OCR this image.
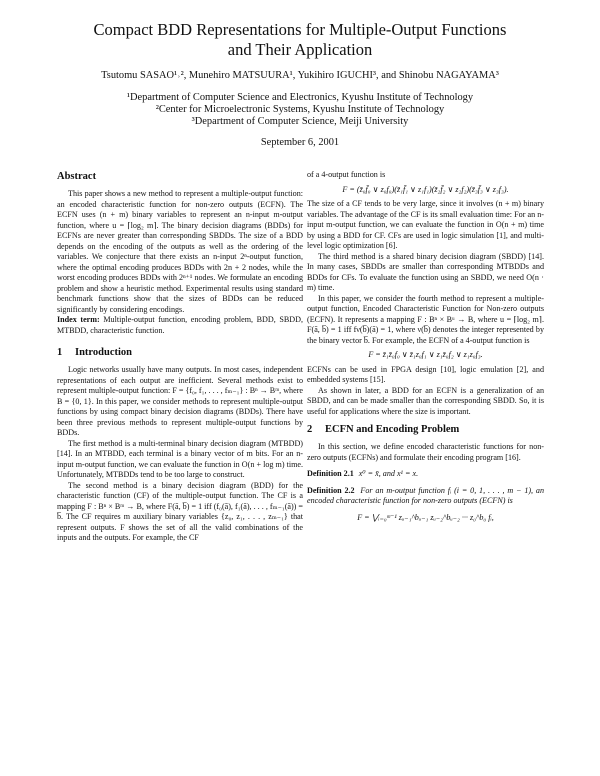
Compact BDD Representations for Multiple-Output Functions
and Their Application
Tsutomu SASAO¹˒², Munehiro MATSUURA¹, Yukihiro IGUCHI³, and Shinobu NAGAYAMA³
¹Department of Computer Science and Electronics, Kyushu Institute of Technology
²Center for Microelectronic Systems, Kyushu Institute of Technology
³Department of Computer Science, Meiji University
September 6, 2001
Abstract

This paper shows a new method to represent a multiple-output function: an encoded characteristic function for non-zero outputs (ECFN). The ECFN uses (n + m) binary variables to represent an n-input m-output function, where u = ⌈log₂ m⌉. The binary decision diagrams (BDDs) for ECFNs are never greater than corresponding SBDDs. The size of a BDD depends on the encoding of the outputs as well as the ordering of the variables. We conjecture that there exists an n-input 2ⁿ-output function, where the optimal encoding produces BDDs with 2n + 2 nodes, while the worst encoding produces BDDs with 2ⁿ⁺¹ nodes. We formulate an encoding problem and show a heuristic method. Experimental results using standard benchmark functions show that the sizes of BDDs can be reduced significantly by considering encodings.

Index term: Multiple-output function, encoding problem, BDD, SBDD, MTBDD, characteristic function.

1 Introduction

Logic networks usually have many outputs. In most cases, independent representations of each output are inefficient. Several methods exist to represent multiple-output function: F = {f₀, f₁, . . . , fₘ₋₁} : Bⁿ → Bᵐ, where B = {0, 1}. In this paper, we consider methods to represent multiple-output functions by using compact binary decision diagrams (BDDs). There have been three previous methods to represent multiple-output functions by BDDs.

The first method is a multi-terminal binary decision diagram (MTBDD) [14]. In an MTBDD, each terminal is a binary vector of m bits. For an n-input m-output function, we can evaluate the function in O(n + log m) time. Unfortunately, MTBDDs tend to be too large to construct.

The second method is a binary decision diagram (BDD) for the characteristic function (CF) of the multiple-output function. The CF is a mapping F : Bⁿ × Bᵐ → B, where F(ā, b̅) = 1 iff (f₀(ā), f₁(ā), . . . , fₘ₋₁(ā)) = b̅. The CF requires m auxiliary binary variables {z₀, z₁, . . . , zₘ₋₁} that represent outputs. F shows the set of all the valid combinations of the inputs and the outputs. For example, the CF

of a 4-output function is

F = (z̄₀f̄₀ ∨ z₀f₀)(z̄₁f̄₁ ∨ z₁f₁)(z̄₂f̄₂ ∨ z₂f₂)(z̄₃f̄₃ ∨ z₃f₃).

The size of a CF tends to be very large, since it involves (n + m) binary variables. The advantage of the CF is its small evaluation time: For an n-input m-output function, we can evaluate the function in O(n + m) time by using a BDD for CF. CFs are used in logic simulation [1], and multi-level logic optimization [6].

The third method is a shared binary decision diagram (SBDD) [14]. In many cases, SBDDs are smaller than corresponding MTBDDs and BDDs for CFs. To evaluate the function using an SBDD, we need O(n · m) time.

In this paper, we consider the fourth method to represent a multiple-output function, Encoded Characteristic Function for Non-zero outputs (ECFN). It represents a mapping F : Bⁿ × Bᵘ → B, where u = ⌈log₂ m⌉. F(ā, b̅) = 1 iff fν(b̅)(ā) = 1, where ν(b̅) denotes the integer represented by the binary vector b̅. For example, the ECFN of a 4-output function is

F = z̄₁z̄₀f₀ ∨ z̄₁z₀f₁ ∨ z₁z̄₀f₂ ∨ z₁z₀f₃.

ECFNs can be used in FPGA design [10], logic emulation [2], and embedded systems [15].

As shown in later, a BDD for an ECFN is a generalization of an SBDD, and can be made smaller than the corresponding SBDD. So, it is useful for applications where the size is important.

2 ECFN and Encoding Problem

In this section, we define encoded characteristic functions for non-zero outputs (ECFNs) and formulate their encoding program [16].

Definition 2.1 x⁰ = x̄, and x¹ = x.

Definition 2.2 For an m-output function fᵢ (i = 0, 1, . . . , m − 1), an encoded characteristic function for non-zero outputs (ECFN) is

F = ⋁ᵢ₌₀ᵐ⁻¹ zᵤ₋₁^bᵤ₋₁ zᵤ₋₂^bᵤ₋₂ ··· z₀^b₀ fᵢ,
